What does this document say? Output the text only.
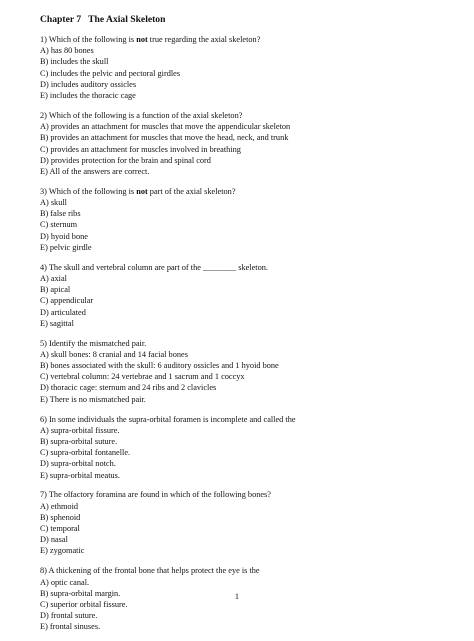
Chapter 7   The Axial Skeleton
1) Which of the following is not true regarding the axial skeleton?
A) has 80 bones
B) includes the skull
C) includes the pelvic and pectoral girdles
D) includes auditory ossicles
E) includes the thoracic cage
2) Which of the following is a function of the axial skeleton?
A) provides an attachment for muscles that move the appendicular skeleton
B) provides an attachment for muscles that move the head, neck, and trunk
C) provides an attachment for muscles involved in breathing
D) provides protection for the brain and spinal cord
E) All of the answers are correct.
3) Which of the following is not part of the axial skeleton?
A) skull
B) false ribs
C) sternum
D) hyoid bone
E) pelvic girdle
4) The skull and vertebral column are part of the ________ skeleton.
A) axial
B) apical
C) appendicular
D) articulated
E) sagittal
5) Identify the mismatched pair.
A) skull bones: 8 cranial and 14 facial bones
B) bones associated with the skull: 6 auditory ossicles and 1 hyoid bone
C) vertebral column: 24 vertebrae and 1 sacrum and 1 coccyx
D) thoracic cage: sternum and 24 ribs and 2 clavicles
E) There is no mismatched pair.
6) In some individuals the supra-orbital foramen is incomplete and called the
A) supra-orbital fissure.
B) supra-orbital suture.
C) supra-orbital fontanelle.
D) supra-orbital notch.
E) supra-orbital meatus.
7) The olfactory foramina are found in which of the following bones?
A) ethmoid
B) sphenoid
C) temporal
D) nasal
E) zygomatic
8) A thickening of the frontal bone that helps protect the eye is the
A) optic canal.
B) supra-orbital margin.
C) superior orbital fissure.
D) frontal suture.
E) frontal sinuses.
1
